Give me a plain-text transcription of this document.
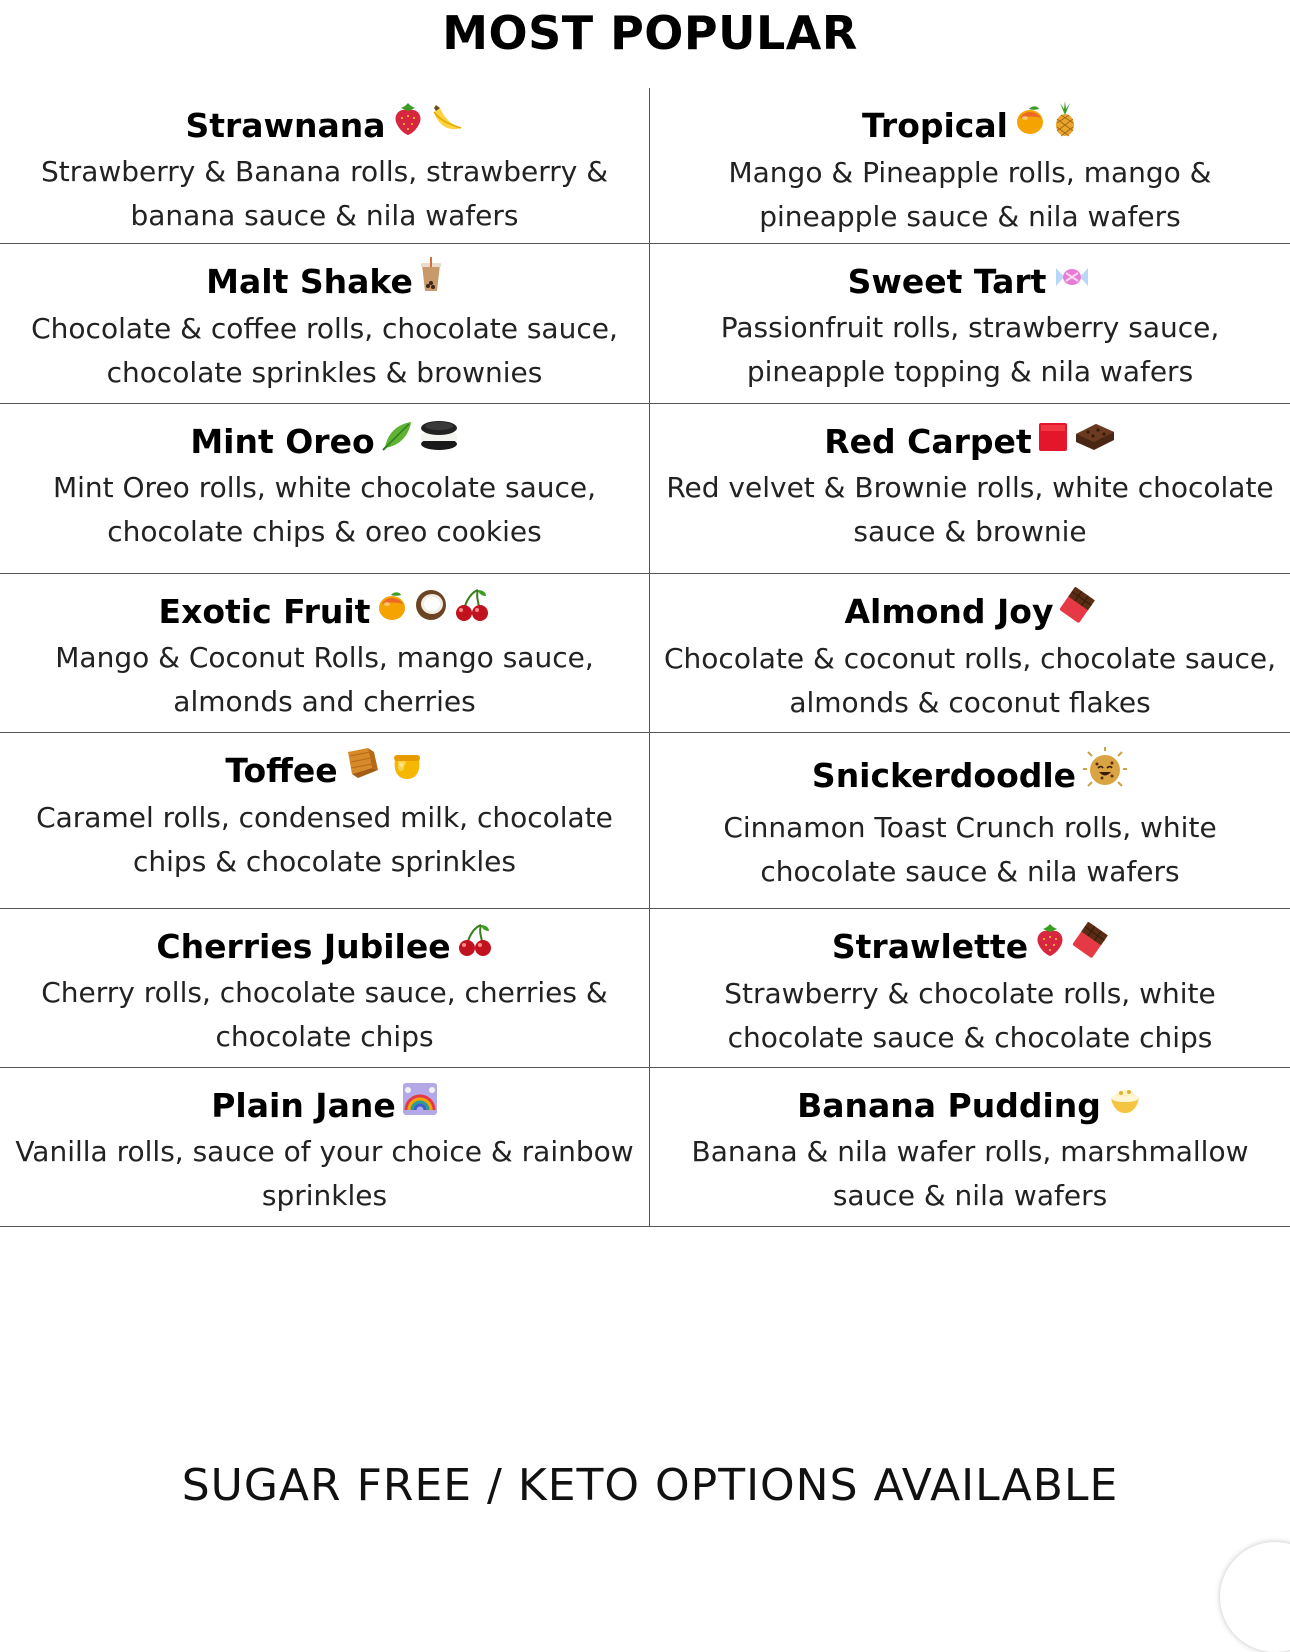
MOST POPULAR
Strawnana
Strawberry & Banana rolls, strawberry & banana sauce & nila wafers
Tropical
Mango & Pineapple rolls, mango & pineapple sauce & nila wafers
Malt Shake
Chocolate & coffee rolls, chocolate sauce, chocolate sprinkles & brownies
Sweet Tart
Passionfruit rolls, strawberry sauce, pineapple topping & nila wafers
Mint Oreo
Mint Oreo rolls, white chocolate sauce, chocolate chips & oreo cookies
Red Carpet
Red velvet & Brownie rolls, white chocolate sauce & brownie
Exotic Fruit
Mango & Coconut Rolls, mango sauce, almonds and cherries
Almond Joy
Chocolate & coconut rolls, chocolate sauce, almonds & coconut flakes
Toffee
Caramel rolls, condensed milk, chocolate chips & chocolate sprinkles
Snickerdoodle
Cinnamon Toast Crunch rolls, white chocolate sauce & nila wafers
Cherries Jubilee
Cherry rolls, chocolate sauce, cherries & chocolate chips
Strawlette
Strawberry & chocolate rolls, white chocolate sauce & chocolate chips
Plain Jane
Vanilla rolls, sauce of your choice & rainbow sprinkles
Banana Pudding
Banana & nila wafer rolls, marshmallow sauce & nila wafers
SUGAR FREE / KETO OPTIONS AVAILABLE
